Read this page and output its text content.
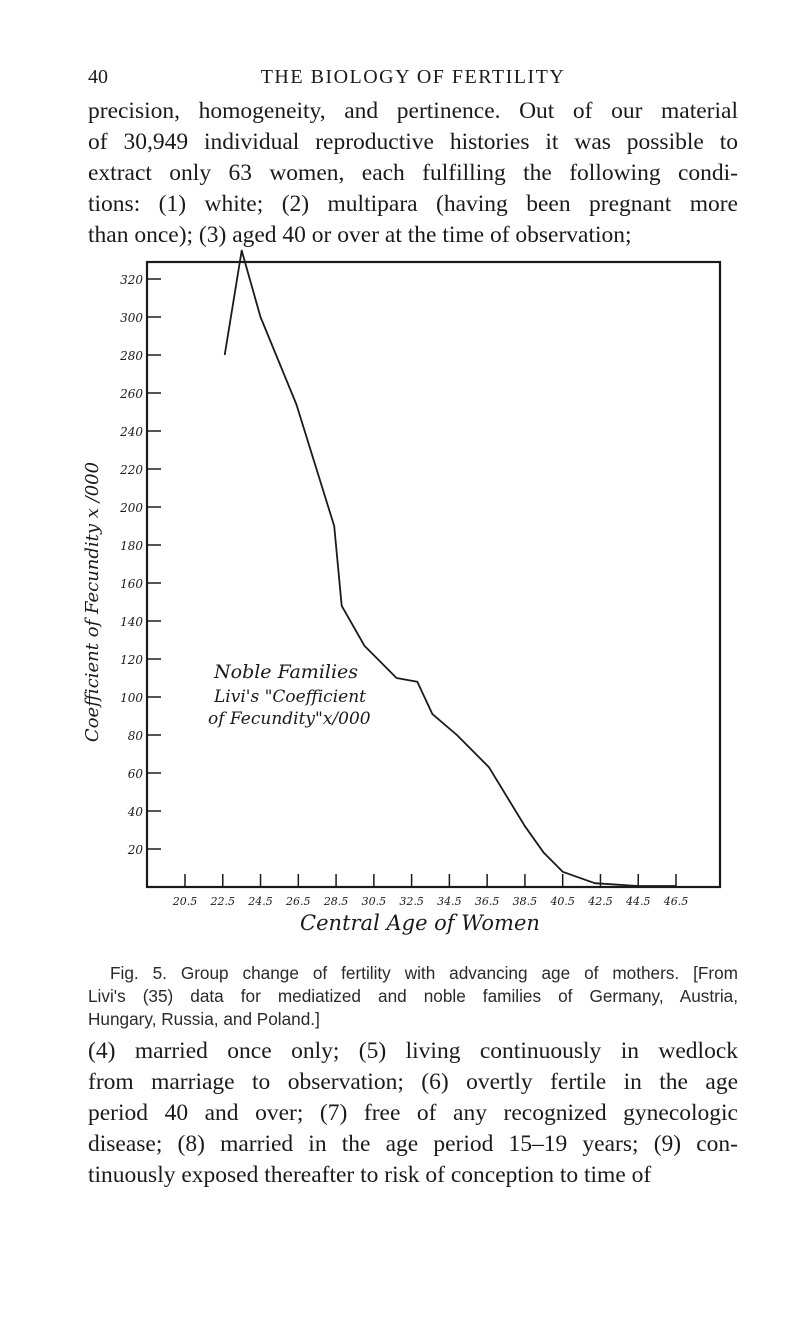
40	THE BIOLOGY OF FERTILITY

precision, homogeneity, and pertinence. Out of our material
of 30,949 individual reproductive histories it was possible to
extract only 63 women, each fulfilling the following condi-
tions: (1) white; (2) multipara (having been pregnant more
than once); (3) aged 40 or over at the time of observation;

20
40
60
80
100
120
140
160
180
200
220
240
260
280
300
320
20.5 22.5 24.5 26.5 28.5 30.5 32.5 34.5 36.5 38.5 40.5 42.5 44.5 46.5
Noble Families
Livi's "Coefficient
of Fecundity"x/000
Central Age of Women
Coefficient of Fecundity x /000

Fig. 5. Group change of fertility with advancing age of mothers. [From
Livi's (35) data for mediatized and noble families of Germany, Austria,
Hungary, Russia, and Poland.]

(4) married once only; (5) living continuously in wedlock
from marriage to observation; (6) overtly fertile in the age
period 40 and over; (7) free of any recognized gynecologic
disease; (8) married in the age period 15–19 years; (9) con-
tinuously exposed thereafter to risk of conception to time of
